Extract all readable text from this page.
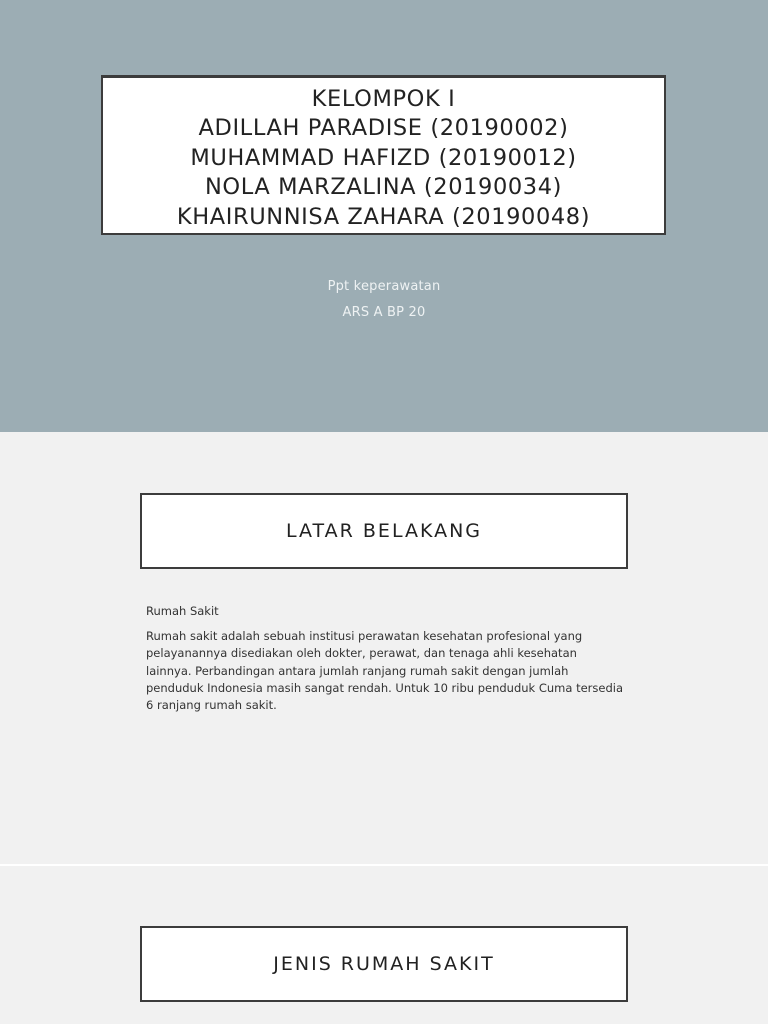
KELOMPOK I
ADILLAH PARADISE (20190002)
MUHAMMAD HAFIZD (20190012)
NOLA MARZALINA (20190034)
KHAIRUNNISA ZAHARA (20190048)
Ppt keperawatan
ARS A BP 20
LATAR BELAKANG

Rumah Sakit

Rumah sakit adalah sebuah institusi perawatan kesehatan profesional yang pelayanannya disediakan oleh dokter, perawat, dan tenaga ahli kesehatan lainnya. Perbandingan antara jumlah ranjang rumah sakit dengan jumlah penduduk Indonesia masih sangat rendah. Untuk 10 ribu penduduk Cuma tersedia 6 ranjang rumah sakit.

JENIS RUMAH SAKIT
